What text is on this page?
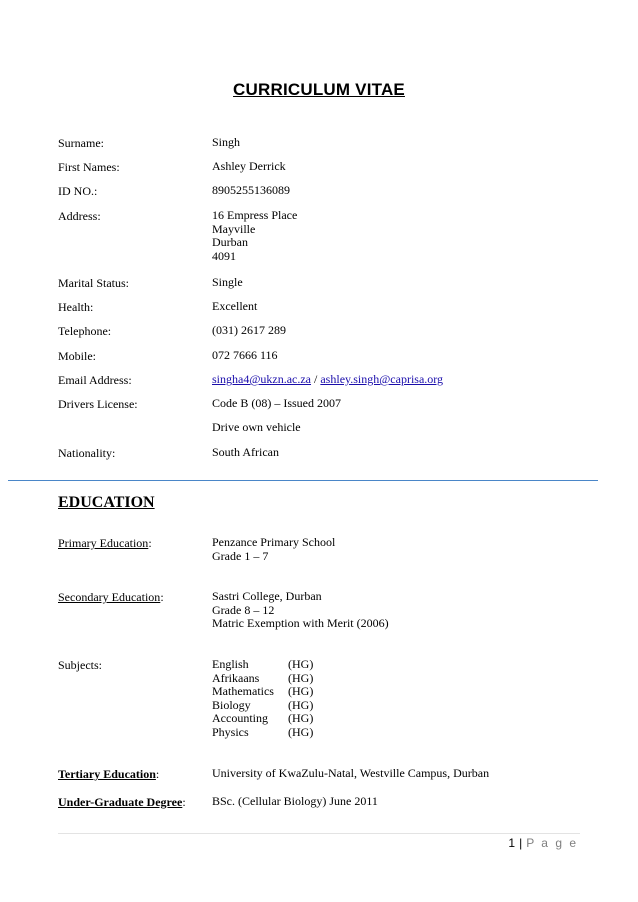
CURRICULUM VITAE
Surname:	Singh
First Names:	Ashley Derrick
ID NO.:	8905255136089
Address:	16 Empress Place
Mayville
Durban
4091
Marital Status:	Single
Health:	Excellent
Telephone:	(031) 2617 289
Mobile:	072 7666 116
Email Address:	singha4@ukzn.ac.za / ashley.singh@caprisa.org
Drivers License:	Code B (08) – Issued 2007
Drive own vehicle
Nationality:	South African
EDUCATION
Primary Education:	Penzance Primary School
Grade 1 – 7
Secondary Education:	Sastri College, Durban
Grade 8 – 12
Matric Exemption with Merit (2006)
Subjects:	English	(HG)
Afrikaans (HG)
Mathematics (HG)
Biology	(HG)
Accounting (HG)
Physics	(HG)
Tertiary Education:	University of KwaZulu-Natal, Westville Campus, Durban
Under-Graduate Degree: BSc. (Cellular Biology) June 2011
1 | P a g e
